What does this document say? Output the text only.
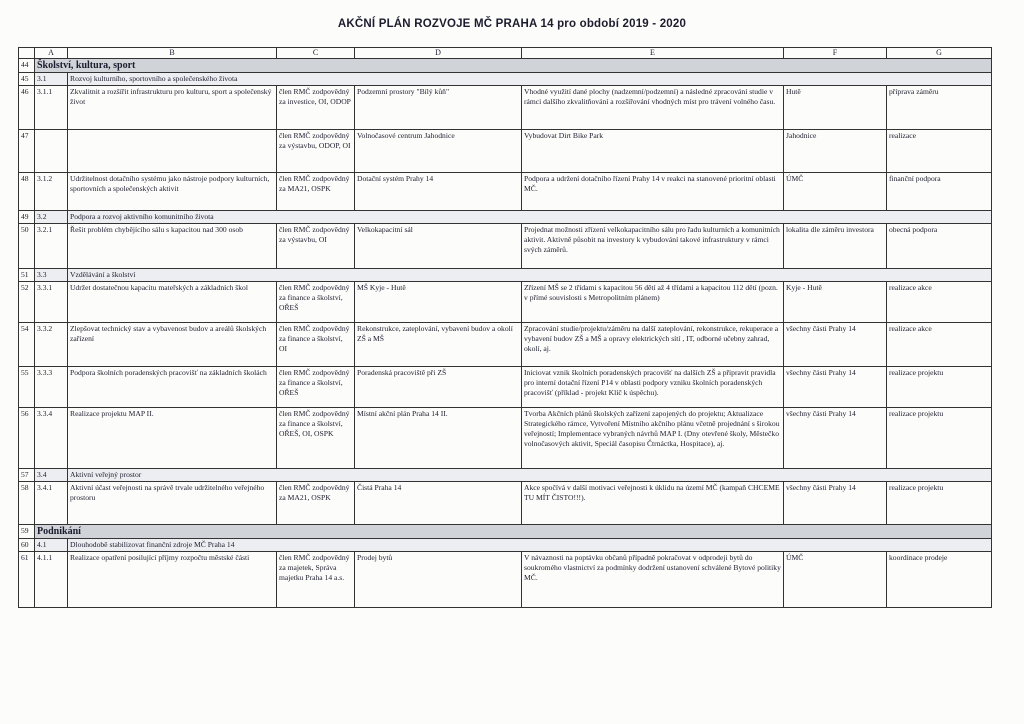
AKČNÍ PLÁN ROZVOJE MČ PRAHA 14 pro období 2019 - 2020
	A	B	C	D	E	F	G
44	Školství, kultura, sport						
45	3.1	Rozvoj kulturního, sportovního a společenského života					
46	3.1.1	Zkvalitnit a rozšířit infrastrukturu pro kulturu, sport a společenský život	člen RMČ zodpovědný za investice, OI, ODOP	Podzemní prostory "Bílý kůň"	Vhodné využití dané plochy (nadzemní/podzemní) a následné zpracování studie v rámci dalšího zkvalitňování a rozšiřování vhodných míst pro trávení volného času.	Hutě	příprava záměru
47			člen RMČ zodpovědný za výstavbu, ODOP, OI	Volnočasové centrum Jahodnice	Vybudovat Dirt Bike Park	Jahodnice	realizace
48	3.1.2	Udržitelnost dotačního systému jako nástroje podpory kulturních, sportovních a společenských aktivit	člen RMČ zodpovědný za MA21, OSPK	Dotační systém Prahy 14	Podpora a udržení dotačního řízení Prahy 14 v reakci na stanovené prioritní oblasti MČ.	ÚMČ	finanční podpora
49	3.2	Podpora a rozvoj aktivního komunitního života					
50	3.2.1	Řešit problém chybějícího sálu s kapacitou nad 300 osob	člen RMČ zodpovědný za výstavbu, OI	Velkokapacitní sál	Projednat možnosti zřízení velkokapacitního sálu pro řadu kulturních a komunitních aktivit. Aktivně působit na investory k vybudování takové infrastruktury v rámci svých záměrů.	lokalita dle záměru investora	obecná podpora
51	3.3	Vzdělávání a školství					
52	3.3.1	Udržet dostatečnou kapacitu mateřských a základních škol	člen RMČ zodpovědný za finance a školství, OŘEŠ	MŠ Kyje - Hutě	Zřízení MŠ se 2 třídami s kapacitou 56 dětí až 4 třídami a kapacitou 112 dětí (pozn. v přímé souvislosti s Metropolitním plánem)	Kyje - Hutě	realizace akce
54	3.3.2	Zlepšovat technický stav a vybavenost budov a areálů školských zařízení	člen RMČ zodpovědný za finance a školství, OI	Rekonstrukce, zateplování, vybavení budov a okolí ZŠ a MŠ	Zpracování studie/projektu/záměru na další zateplování, rekonstrukce, rekuperace a vybavení budov ZŠ a MŠ a opravy elektrických sítí , IT, odborné učebny zahrad, okolí, aj.	všechny části Prahy 14	realizace akce
55	3.3.3	Podpora školních poradenských pracovišť na základních školách	člen RMČ zodpovědný za finance a školství, OŘEŠ	Poradenská pracoviště při ZŠ	Iniciovat vznik školních poradenských pracovišť na dalších ZŠ a připravit pravidla pro interní dotační řízení P14 v oblasti podpory vzniku školních poradenských pracovišť (příklad - projekt Klíč k úspěchu).	všechny části Prahy 14	realizace projektu
56	3.3.4	Realizace projektu MAP II.	člen RMČ zodpovědný za finance a školství, OŘEŠ, OI, OSPK	Místní akční plán Praha 14 II.	Tvorba Akčních plánů školských zařízení zapojených do projektu; Aktualizace Strategického rámce, Vytvoření Místního akčního plánu včetně projednání s širokou veřejností; Implementace vybraných návrhů MAP I. (Dny otevřené školy, Městečko volnočasových aktivit, Speciál časopisu Čtrnáctka, Hospitace), aj.	všechny části Prahy 14	realizace projektu
57	3.4	Aktivní veřejný prostor					
58	3.4.1	Aktivní účast veřejnosti na správě trvale udržitelného veřejného prostoru	člen RMČ zodpovědný za MA21, OSPK	Čistá Praha 14	Akce spočívá v další motivaci veřejnosti k úklidu na území MČ (kampaň CHCEME TU MÍT ČISTO!!!).	všechny části Prahy 14	realizace projektu
59	Podnikání						
60	4.1	Dlouhodobě stabilizovat finanční zdroje MČ Praha 14					
61	4.1.1	Realizace opatření posilující příjmy rozpočtu městské části	člen RMČ zodpovědný za majetek, Správa majetku Praha 14 a.s.	Prodej bytů	V návaznosti na poptávku občanů případně pokračovat v odprodeji bytů do soukromého vlastnictví za podmínky dodržení ustanovení schválené Bytové politiky MČ.	ÚMČ	koordinace prodeje
